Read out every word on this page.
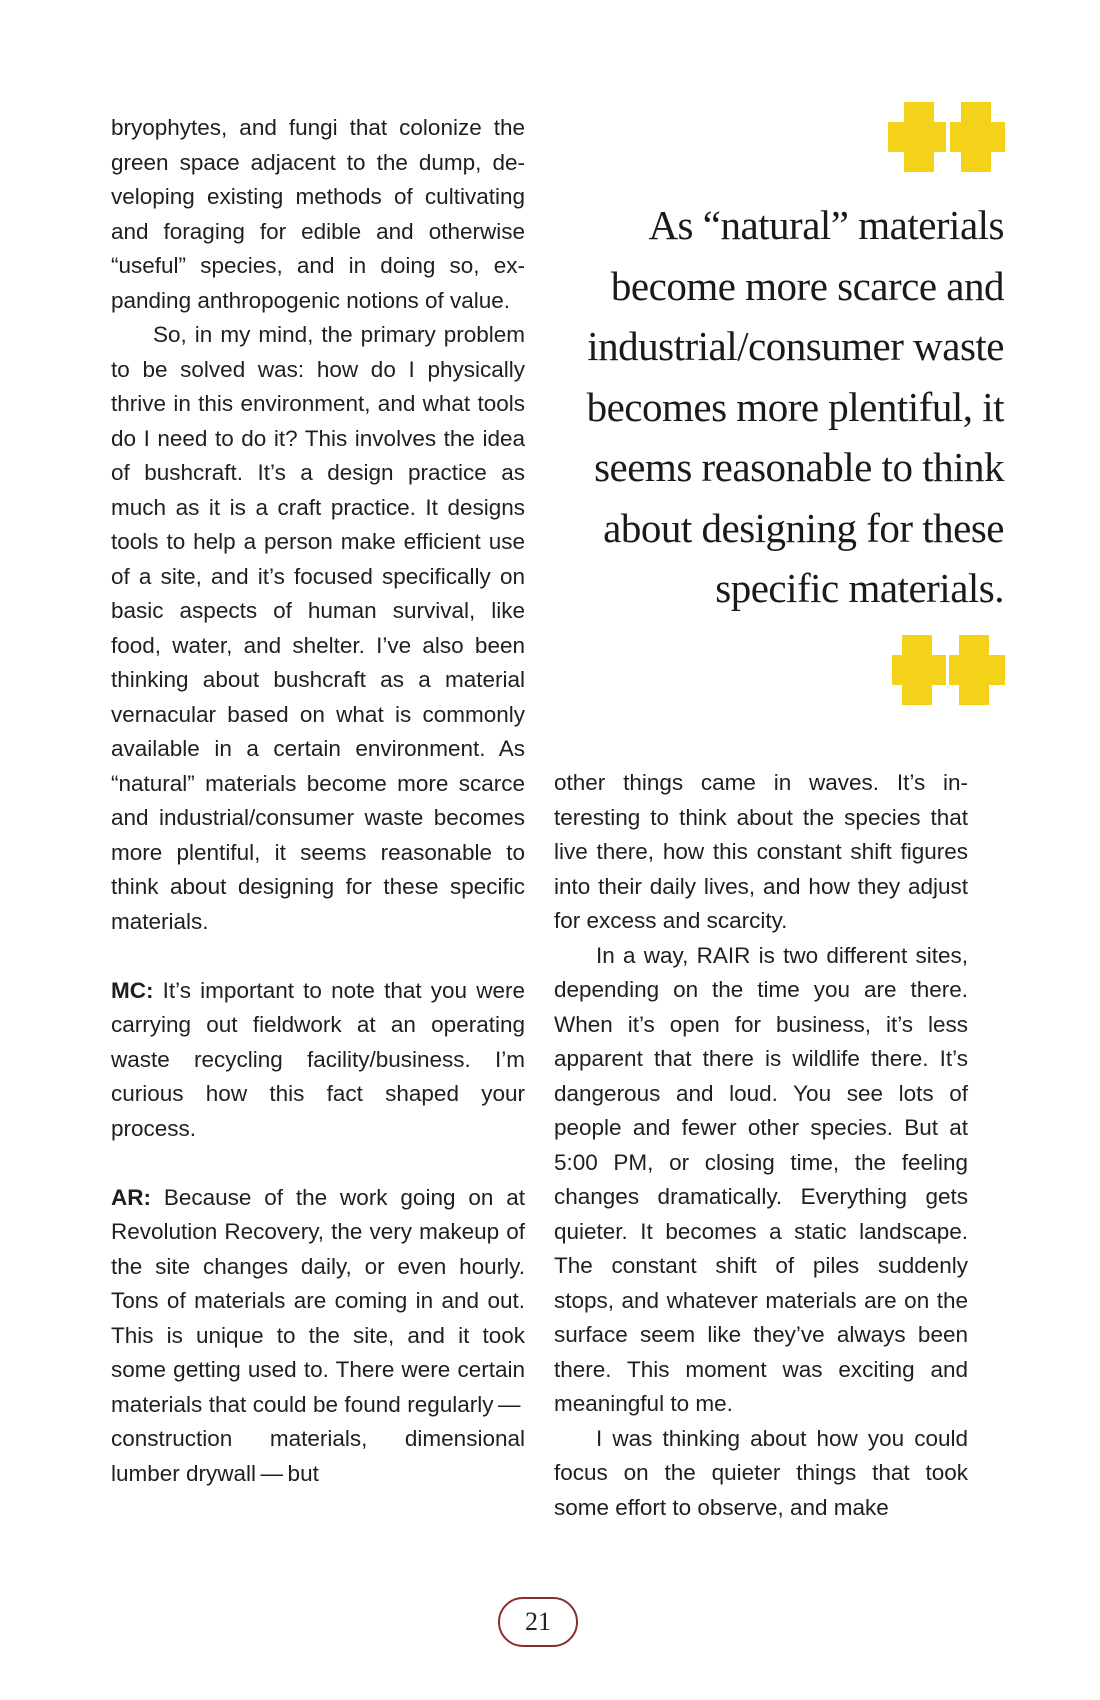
bryophytes, and fungi that colonize the green space adjacent to the dump, developing existing methods of cultivating and foraging for edible and otherwise “useful” species, and in doing so, expanding anthropogenic notions of value.

So, in my mind, the primary problem to be solved was: how do I physically thrive in this environment, and what tools do I need to do it? This involves the idea of bushcraft. It’s a design practice as much as it is a craft practice. It designs tools to help a person make efficient use of a site, and it’s focused specifically on basic aspects of human survival, like food, water, and shelter. I’ve also been thinking about bushcraft as a material vernacular based on what is commonly available in a certain environment. As “natural” materials become more scarce and industrial/consumer waste becomes more plentiful, it seems reasonable to think about designing for these specific materials.

MC: It’s important to note that you were carrying out fieldwork at an operating waste recycling facility/business. I’m curious how this fact shaped your process.

AR: Because of the work going on at Revolution Recovery, the very makeup of the site changes daily, or even hourly. Tons of materials are coming in and out. This is unique to the site, and it took some getting used to. There were certain materials that could be found regularly — construction materials, dimensional lumber drywall — but

As “natural” materials become more scarce and industrial/consumer waste becomes more plentiful, it seems reasonable to think about designing for these specific materials.

other things came in waves. It’s interesting to think about the species that live there, how this constant shift figures into their daily lives, and how they adjust for excess and scarcity.

In a way, RAIR is two different sites, depending on the time you are there. When it’s open for business, it’s less apparent that there is wildlife there. It’s dangerous and loud. You see lots of people and fewer other species. But at 5:00 PM, or closing time, the feeling changes dramatically. Everything gets quieter. It becomes a static landscape. The constant shift of piles suddenly stops, and whatever materials are on the surface seem like they’ve always been there. This moment was exciting and meaningful to me.

I was thinking about how you could focus on the quieter things that took some effort to observe, and make

21
